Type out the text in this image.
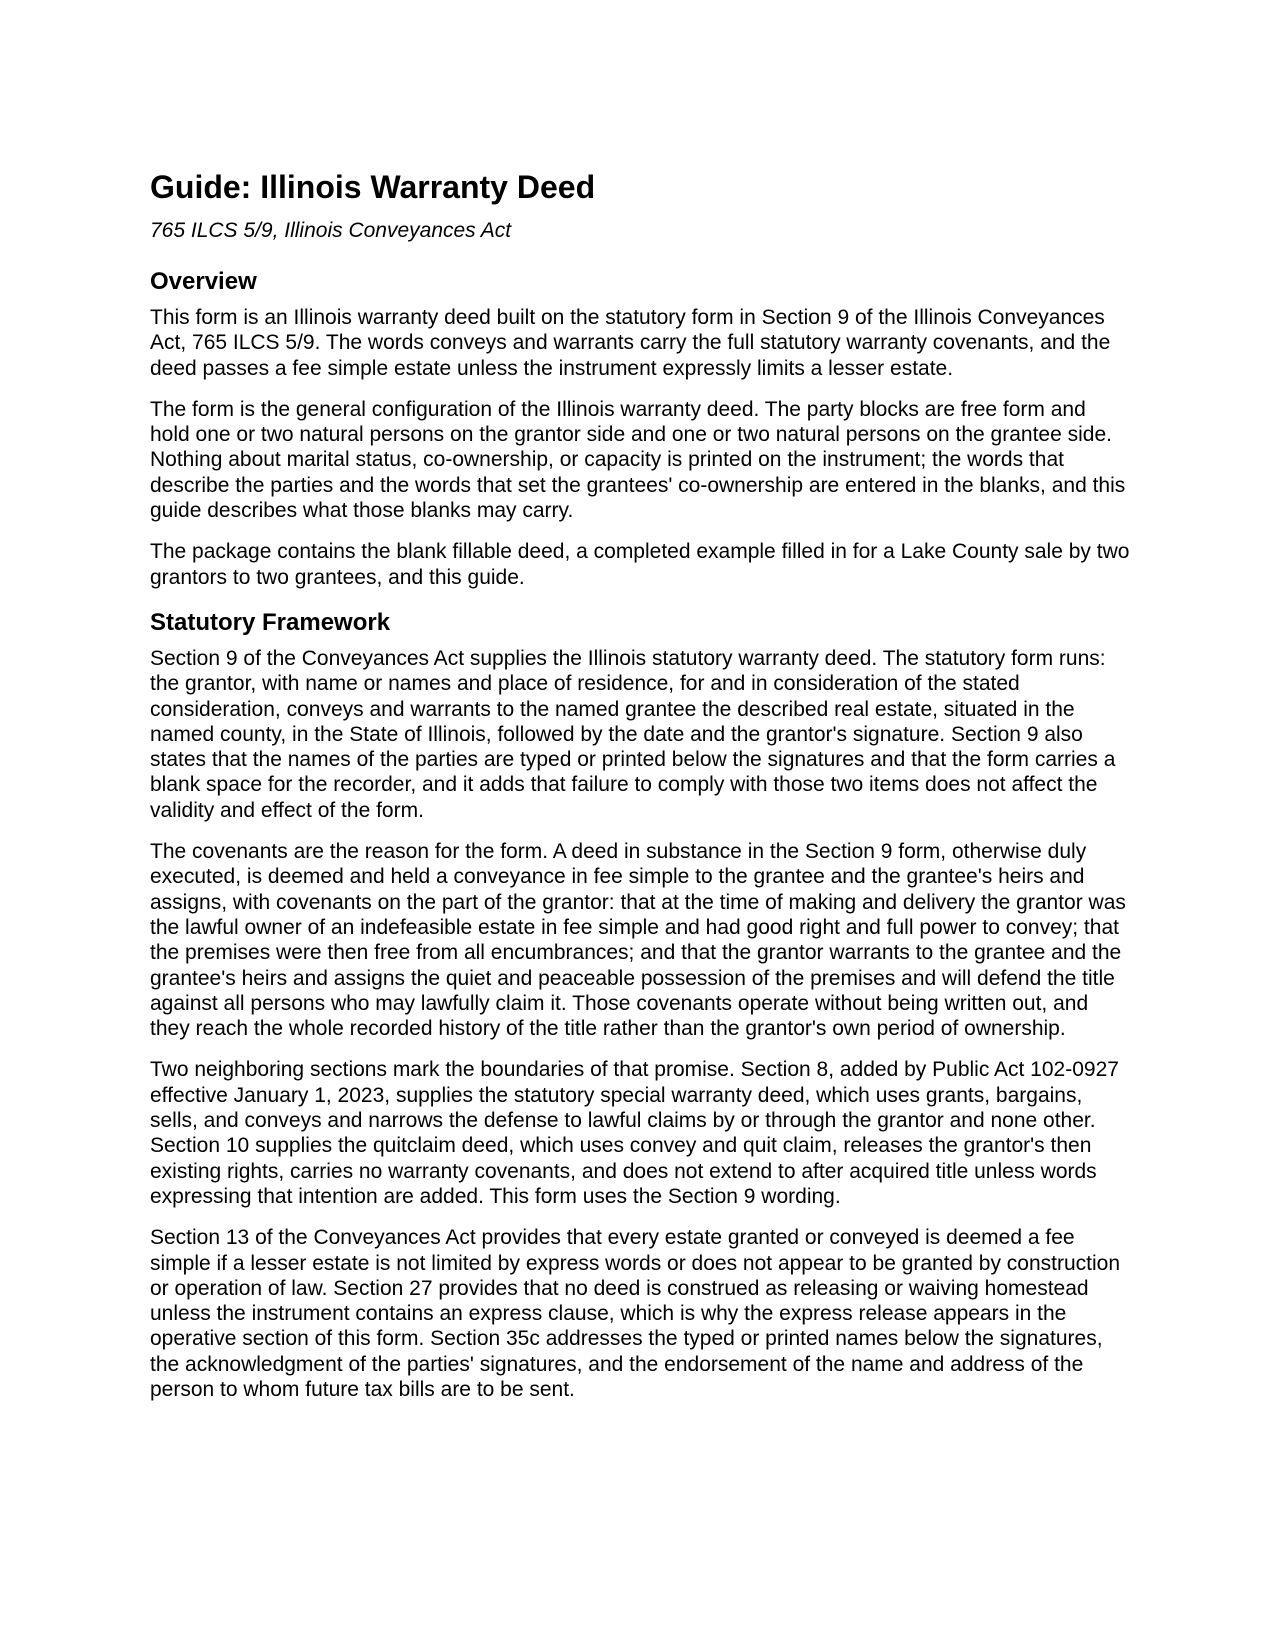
Guide: Illinois Warranty Deed
765 ILCS 5/9, Illinois Conveyances Act
Overview

This form is an Illinois warranty deed built on the statutory form in Section 9 of the Illinois Conveyances Act, 765 ILCS 5/9. The words conveys and warrants carry the full statutory warranty covenants, and the deed passes a fee simple estate unless the instrument expressly limits a lesser estate.

The form is the general configuration of the Illinois warranty deed. The party blocks are free form and hold one or two natural persons on the grantor side and one or two natural persons on the grantee side. Nothing about marital status, co-ownership, or capacity is printed on the instrument; the words that describe the parties and the words that set the grantees' co-ownership are entered in the blanks, and this guide describes what those blanks may carry.

The package contains the blank fillable deed, a completed example filled in for a Lake County sale by two grantors to two grantees, and this guide.

Statutory Framework

Section 9 of the Conveyances Act supplies the Illinois statutory warranty deed. The statutory form runs: the grantor, with name or names and place of residence, for and in consideration of the stated consideration, conveys and warrants to the named grantee the described real estate, situated in the named county, in the State of Illinois, followed by the date and the grantor's signature. Section 9 also states that the names of the parties are typed or printed below the signatures and that the form carries a blank space for the recorder, and it adds that failure to comply with those two items does not affect the validity and effect of the form.

The covenants are the reason for the form. A deed in substance in the Section 9 form, otherwise duly executed, is deemed and held a conveyance in fee simple to the grantee and the grantee's heirs and assigns, with covenants on the part of the grantor: that at the time of making and delivery the grantor was the lawful owner of an indefeasible estate in fee simple and had good right and full power to convey; that the premises were then free from all encumbrances; and that the grantor warrants to the grantee and the grantee's heirs and assigns the quiet and peaceable possession of the premises and will defend the title against all persons who may lawfully claim it. Those covenants operate without being written out, and they reach the whole recorded history of the title rather than the grantor's own period of ownership.

Two neighboring sections mark the boundaries of that promise. Section 8, added by Public Act 102-0927 effective January 1, 2023, supplies the statutory special warranty deed, which uses grants, bargains, sells, and conveys and narrows the defense to lawful claims by or through the grantor and none other. Section 10 supplies the quitclaim deed, which uses convey and quit claim, releases the grantor's then existing rights, carries no warranty covenants, and does not extend to after acquired title unless words expressing that intention are added. This form uses the Section 9 wording.

Section 13 of the Conveyances Act provides that every estate granted or conveyed is deemed a fee simple if a lesser estate is not limited by express words or does not appear to be granted by construction or operation of law. Section 27 provides that no deed is construed as releasing or waiving homestead unless the instrument contains an express clause, which is why the express release appears in the operative section of this form. Section 35c addresses the typed or printed names below the signatures, the acknowledgment of the parties' signatures, and the endorsement of the name and address of the person to whom future tax bills are to be sent.
